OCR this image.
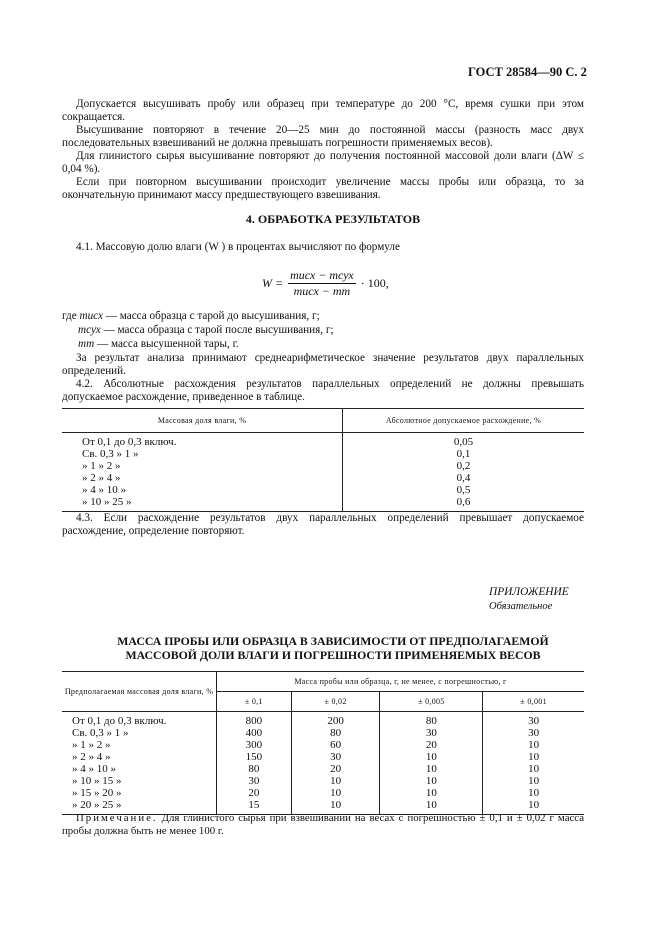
ГОСТ 28584—90 С. 2

Допускается высушивать пробу или образец при температуре до 200 °С, время сушки при этом сокращается.

Высушивание повторяют в течение 20—25 мин до постоянной массы (разность масс двух последовательных взвешиваний не должна превышать погрешности применяемых весов).

Для глинистого сырья высушивание повторяют до получения постоянной массовой доли влаги (ΔW ≤ 0,04 %).

Если при повторном высушивании происходит увеличение массы пробы или образца, то за окончательную принимают массу предшествующего взвешивания.

4. ОБРАБОТКА РЕЗУЛЬТАТОВ

4.1. Массовую долю влаги (W ) в процентах вычисляют по формуле

$W = \frac{\text{mисх − mсух}}{\text{mисх − mт}} \cdot 100$,
где mисх — масса образца с тарой до высушивания, г;
mсух — масса образца с тарой после высушивания, г;
mт — масса высушенной тары, г.

За результат анализа принимают среднеарифметическое значение результатов двух параллельных определений.

4.2. Абсолютные расхождения результатов параллельных определений не должны превышать допускаемое расхождение, приведенное в таблице.

Массовая доля влаги, %	Абсолютное допускаемое расхождение, %
От 0,1 до 0,3 включ.	0,05
Св. 0,3 » 1 »	0,1
» 1 » 2 »	0,2
» 2 » 4 »	0,4
» 4 » 10 »	0,5
» 10 » 25 »	0,6

4.3. Если расхождение результатов двух параллельных определений превышает допускаемое расхождение, определение повторяют.

ПРИЛОЖЕНИЕ
Обязательное
МАССА ПРОБЫ ИЛИ ОБРАЗЦА В ЗАВИСИМОСТИ ОТ ПРЕДПОЛАГАЕМОЙ
МАССОВОЙ ДОЛИ ВЛАГИ И ПОГРЕШНОСТИ ПРИМЕНЯЕМЫХ ВЕСОВ
Предполагаемая массовая доля влаги, %	Масса пробы или образца, г, не менее, с погрешностью, г			
	± 0,1	± 0,02	± 0,005	± 0,001
От 0,1 до 0,3 включ.	800	200	80	30
Св. 0,3 » 1 »	400	80	30	30
» 1 » 2 »	300	60	20	10
» 2 » 4 »	150	30	10	10
» 4 » 10 »	80	20	10	10
» 10 » 15 »	30	10	10	10
» 15 » 20 »	20	10	10	10
» 20 » 25 »	15	10	10	10

Примечание. Для глинистого сырья при взвешивании на весах с погрешностью ± 0,1 и ± 0,02 г масса пробы должна быть не менее 100 г.
